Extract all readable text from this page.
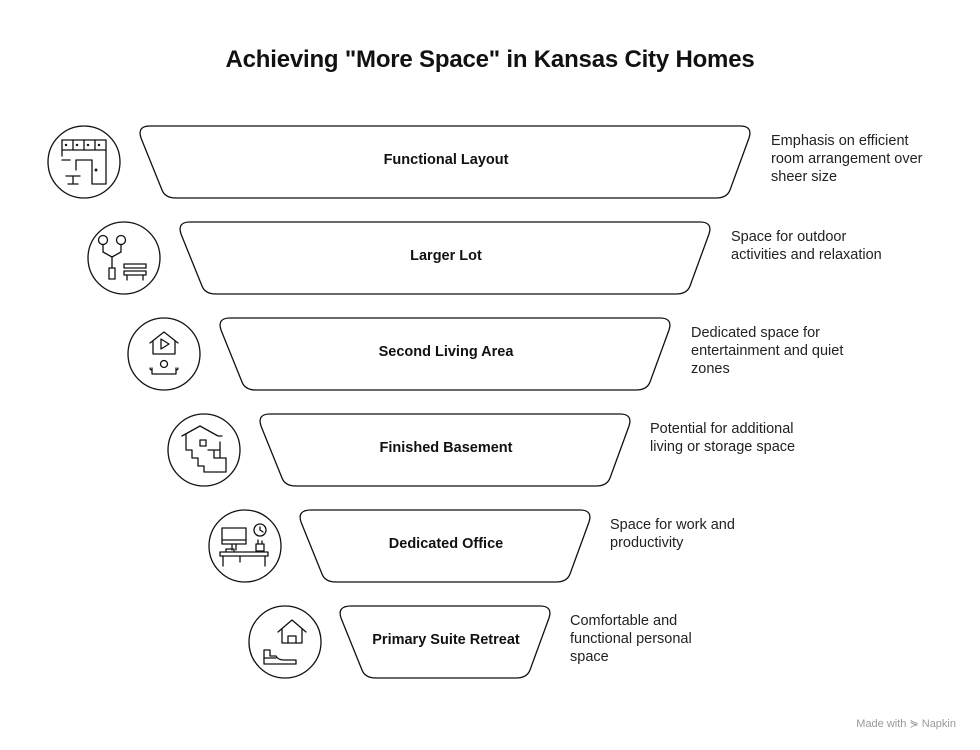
Achieving "More Space" in Kansas City Homes
Functional Layout
Larger Lot
Second Living Area
Finished Basement
Dedicated Office
Primary Suite Retreat
Emphasis on efficient
room arrangement over
sheer size
Space for outdoor
activities and relaxation
Dedicated space for
entertainment and quiet
zones
Potential for additional
living or storage space
Space for work and
productivity
Comfortable and
functional personal
space
Made with ⋟ Napkin
